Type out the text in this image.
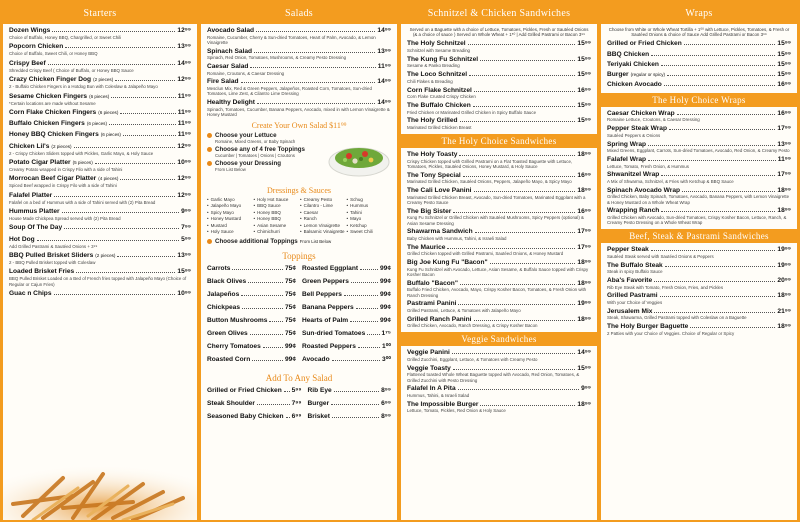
Starters
Dozen Wings	12⁹⁹
Choice of Buffalo, Honey BBQ, Chargrilled, or Sweet Chili
Popcorn Chicken	13⁹⁹
Choice of Buffalo, Sweet Chili, or Honey BBQ
Crispy Beef	14⁹⁹
Shredded Crispy Beef ( Choice of Buffalo, or Honey BBQ Sauce
Crazy Chicken Finger Dog (2 pieces)	12⁹⁹
2 - Buffalo Chicken Fingers in a Hotdog Bun with Coleslaw & Jalapeño Mayo
Sesame Chicken Fingers (6 pieces)	11⁹⁹
*Certain locations are made without Sesame
Corn Flake Chicken Fingers (6 pieces)	11⁹⁹
Buffalo Chicken Fingers (6 pieces)	11⁹⁹
Honey BBQ Chicken Fingers (6 pieces)	11⁹⁹
Chicken Lil's (2 pieces)	12⁹⁹
2 - Crispy Chicken Sliders topped with Pickles, Garlic Mayo, & Holy Sauce
Potato Cigar Platter (5 pieces)	10⁹⁹
Creamy Potato wrapped in Crispy Filo with a side of Tahini
Morrocan Beef Cigar Platter (4 pieces)	12⁹⁹
Spiced Beef wrapped in Crispy Filo with a side of Tahini
Falafel Platter	12⁹⁹
Falafel on a bed of Hummus with a side of Tahini served with (2) Pita Bread
Hummus Platter	9⁹⁹
House Made Chickpea Spread served with (2) Pita Bread
Soup Of The Day	7⁹⁹
Hot Dog	5⁹⁹
Add Grilled Pastrami & Sautéed Onions + 3⁹⁹
BBQ Pulled Brisket Sliders (2 pieces)	13⁹⁹
2 - BBQ Pulled Brisket topped with Coleslaw
Loaded Brisket Fries	15⁹⁹
BBQ Pulled Brisket Loaded on a Bed of French fries topped with Jalapeño Mayo (Choice of Regular or Cajun Fries)
Guac n Chips	10⁹⁹
Salads
Avocado Salad	14⁹⁹
Romaine, Cucumber, Cherry & Sun-dried Tomatoes, Heart of Palm, Avocado, & Lemon Vinaigrette
Spinach Salad	13⁹⁹
Spinach, Red Onion, Tomatoes, Mushrooms, & Creamy Pesto Dressing
Caesar Salad	11⁹⁹
Romaine, Croutons, & Caesar Dressing
Fire Salad	14⁹⁹
Mesclun Mix, Red & Green Peppers, Jalapeños, Roasted Corn, Tomatoes, Sun-dried Tomatoes, Lime Zest, & Cilantro Lime Dressing
Healthy Delight	14⁹⁹
Spinach, Tomatoes, Cucumber, Banana Peppers, Avocado, mixed in with Lemon Vinaigrette & Honey Mustard
Create Your Own Salad $11⁹⁹
Choose your Lettuce
Romaine, Mixed Greens, or Baby Spinach
Choose any of 4 free Toppings
Cucumber | Tomatoes | Onions | Croutons
Choose your Dressing
From List Below
Dressings & Sauces
• Garlic Mayo	• Holy Hot Sauce	• Creamy Pesto	• Schug
• Jalapeño Mayo	• BBQ Sauce	• Cilantro - Lime	• Hummus
• Spicy Mayo	• Honey BBQ	• Caesar	• Tahini
• Honey Mustard	• Honey BBQ	• Ranch	• Mayo
• Mustard	• Asian Sesame	• Lemon Vinaigrette	• Ketchup
• Holy Sauce	• Chimichurri	• Balsamic Vinaigrette	• Sweet Chili
Choose additional Toppings From List Below
Toppings
Carrots	75¢ Roasted Eggplant	99¢
Black Olives	75¢ Green Peppers	99¢
Jalapeños	75¢ Bell Peppers	99¢
Chickpeas	75¢ Banana Peppers	99¢
Button Mushrooms	75¢ Hearts of Palm	99¢
Green Olives	75¢ Sun-dried Tomatoes 1⁷⁵
Cherry Tomatoes	99¢ Roasted Peppers	1⁰⁰
Roasted Corn	99¢ Avocado	3⁰⁰
Add To Any Salad
Grilled or Fried Chicken 5⁹⁹ Rib Eye	8⁹⁹
Steak Shoulder	7⁹⁹ Burger	6⁹⁹
Seasoned Baby Chicken 6⁹⁹ Brisket	8⁹⁹
Schnitzel & Chicken Sandwiches
Served on a Baguette with a choice of Lettuce, Tomatoes, Pickles, Fresh or Sautéed Onions (& a choice of sauce ) Served on Whole Wheat + 1⁵⁰ | Add Grilled Pastrami or Bacon 3⁹⁹
The Holy Schnitzel	15⁹⁹
Schnitzel with Sesame Breading
The Kung Fu Schnitzel	15⁹⁹
Sesame & Panko Breading
The Loco Schnitzel	15⁹⁹
Chili Flakes & Breading
Corn Flake Schnitzel	16⁹⁹
Corn Flake Crusted Crispy Chicken
The Buffalo Chicken	15⁹⁹
Fried Chicken or Marinated Grilled Chicken in Spicy Buffalo Sauce
The Holy Grilled	15⁹⁹
Marinated Grilled Chicken Breast
The Holy Choice Sandwiches
The Holy Toasty	18⁹⁹
Crispy Chicken topped with Grilled Pastrami on a Flat Toasted Baguette with Lettuce, Tomatoes, Pickles, Sautéed Onions, Honey Mustard, & Holy Sauce
The Tony Special	16⁹⁹
Marinated Grilled Chicken, Sautéed Onions, Peppers, Jalapeño Mayo, & Spicy Mayo
The Cali Love Panini	18⁹⁹
Marinated Grilled Chicken Breast, Avocado, Sun-dried Tomatoes, Marinated Eggplant with a Creamy Pesto Sauce
The Big Sister	16⁹⁹
Kung Fu Schnitzel or Grilled Chicken with Sautéed Mushrooms, Spicy Peppers (optional) & Asian Sesame Dressing
Shawarma Sandwich	17⁹⁹
Baby Chicken with Hummus, Tahini, & Israeli Salad
The Maurice	17⁹⁹
Grilled Chicken topped with Grilled Pastrami, Sautéed Onions, & Honey Mustard
Big Joe Kung Fu "Bacon"	18⁹⁹
Kung Fu Schnitzel with Avocado, Lettuce, Asian Sesame, & Buffalo Sauce topped with Crispy Kosher Bacon
Buffalo "Bacon"	18⁹⁹
Buffalo Fried Chicken, Avocado, Mayo, Crispy Kosher Bacon, Tomatoes, & Fresh Onion with Ranch Dressing
Pastrami Panini	19⁹⁹
Grilled Pastrami, Lettuce, & Tomatoes with Jalapeño Mayo
Grilled Ranch Panini	18⁹⁹
Grilled Chicken, Avocado, Ranch Dressing, & Crispy Kosher Bacon
Veggie Sandwiches
Veggie Panini	14⁹⁹
Grilled Zucchini, Eggplant, Lettuce, & Tomatoes with Creamy Pesto
Veggie Toasty	15⁹⁹
Flattened toasted Whole Wheat Baguette topped with Avocado, Red Onion, Tomatoes, & Grilled Zucchini with Pesto Dressing
Falafel In A Pita	9⁹⁹
Hummus, Tahini, & Israeli Salad
The Impossible Burger	18⁹⁹
Lettuce, Tomato, Pickles, Red Onion & Holy Sauce
Wraps
Choose from White or Whole Wheat Tortilla + 1⁰⁰ with Lettuce, Pickles, Tomatoes, & Fresh or Sautéed Onions & choice of Sauce Add Grilled Pastrami or Bacon 3⁹⁹
Grilled or Fried Chicken	15⁹⁹
BBQ Chicken	15⁹⁹
Teriyaki Chicken	15⁹⁹
Burger (regular or spicy)	15⁹⁹
Chicken Avocado	16⁹⁹
The Holy Choice Wraps
Caesar Chicken Wrap	16⁹⁹
Romaine Lettuce, Croutons, & Caesar Dressing
Pepper Steak Wrap	17⁹⁹
Sautéed Peppers & Onions
Spring Wrap	13⁹⁹
Mixed Greens, Eggplant, Carrots, Sun-dried Tomatoes, Avocado, Red Onion, & Creamy Pesto
Falafel Wrap	11⁹⁹
Lettuce, Tomato, Fresh Onion, & Hummus
Shwanitzel Wrap	17⁹⁹
A Mix of Shwarma, Schnitzel, & Fries with Ketchup & BBQ Sauce
Spinach Avocado Wrap	18⁹⁹
Grilled Chicken, Baby Spinach, Tomatoes, Avocado, Banana Peppers, with Lemon Vinaigrette & Honey Mustard on a Whole Wheat Wrap
Wrapping Ranch	18⁹⁹
Grilled Chicken with Avocado, Sun-dried Tomatoes, Crispy Kosher Bacon, Lettuce, Ranch, & Creamy Pesto Dressing on a Whole Wheat Wrap
Beef, Steak & Pastrami Sandwiches
Pepper Steak	19⁹⁹
Sautéed Steak served with Sautéed Onions & Peppers
The Buffalo Steak	19⁹⁹
Steak in spicy Buffalo Sauce
Aba's Favorite	20⁹⁹
Rib Eye Steak with Tomato, Fresh Onion, Fries, and Pickles
Grilled Pastrami	18⁹⁹
With your Choice of Veggies
Jerusalem Mix	21⁹⁹
Steak, Shawarma, Grilled Pastrami topped with Coleslaw on a Baguette
The Holy Burger Baguette	18⁹⁹
2 Patties with your Choice of Veggies. Choice of Regular or Spicy
